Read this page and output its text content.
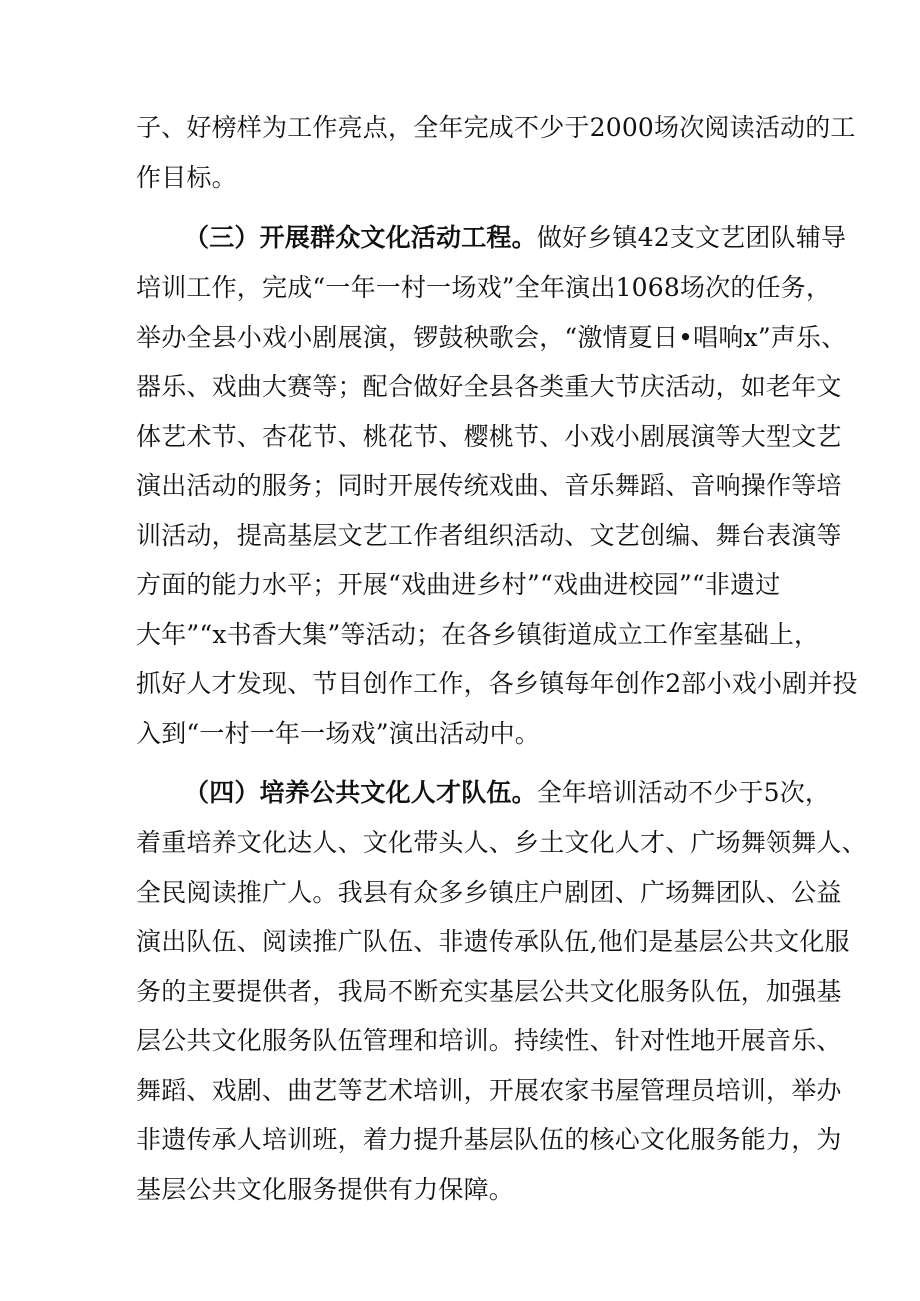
子、好榜样为工作亮点，全年完成不少于2000场次阅读活动的工
作目标。
（三）开展群众文化活动工程。做好乡镇42支文艺团队辅导
培训工作，完成“一年一村一场戏”全年演出1068场次的任务，
举办全县小戏小剧展演，锣鼓秧歌会，“激情夏日•唱响x”声乐、
器乐、戏曲大赛等；配合做好全县各类重大节庆活动，如老年文
体艺术节、杏花节、桃花节、樱桃节、小戏小剧展演等大型文艺
演出活动的服务；同时开展传统戏曲、音乐舞蹈、音响操作等培
训活动，提高基层文艺工作者组织活动、文艺创编、舞台表演等
方面的能力水平；开展“戏曲进乡村”“戏曲进校园”“非遗过
大年”“x书香大集”等活动；在各乡镇街道成立工作室基础上，
抓好人才发现、节目创作工作，各乡镇每年创作2部小戏小剧并投
入到“一村一年一场戏”演出活动中。
（四）培养公共文化人才队伍。全年培训活动不少于5次，
着重培养文化达人、文化带头人、乡土文化人才、广场舞领舞人、
全民阅读推广人。我县有众多乡镇庄户剧团、广场舞团队、公益
演出队伍、阅读推广队伍、非遗传承队伍,他们是基层公共文化服
务的主要提供者，我局不断充实基层公共文化服务队伍，加强基
层公共文化服务队伍管理和培训。持续性、针对性地开展音乐、
舞蹈、戏剧、曲艺等艺术培训，开展农家书屋管理员培训，举办
非遗传承人培训班，着力提升基层队伍的核心文化服务能力，为
基层公共文化服务提供有力保障。
